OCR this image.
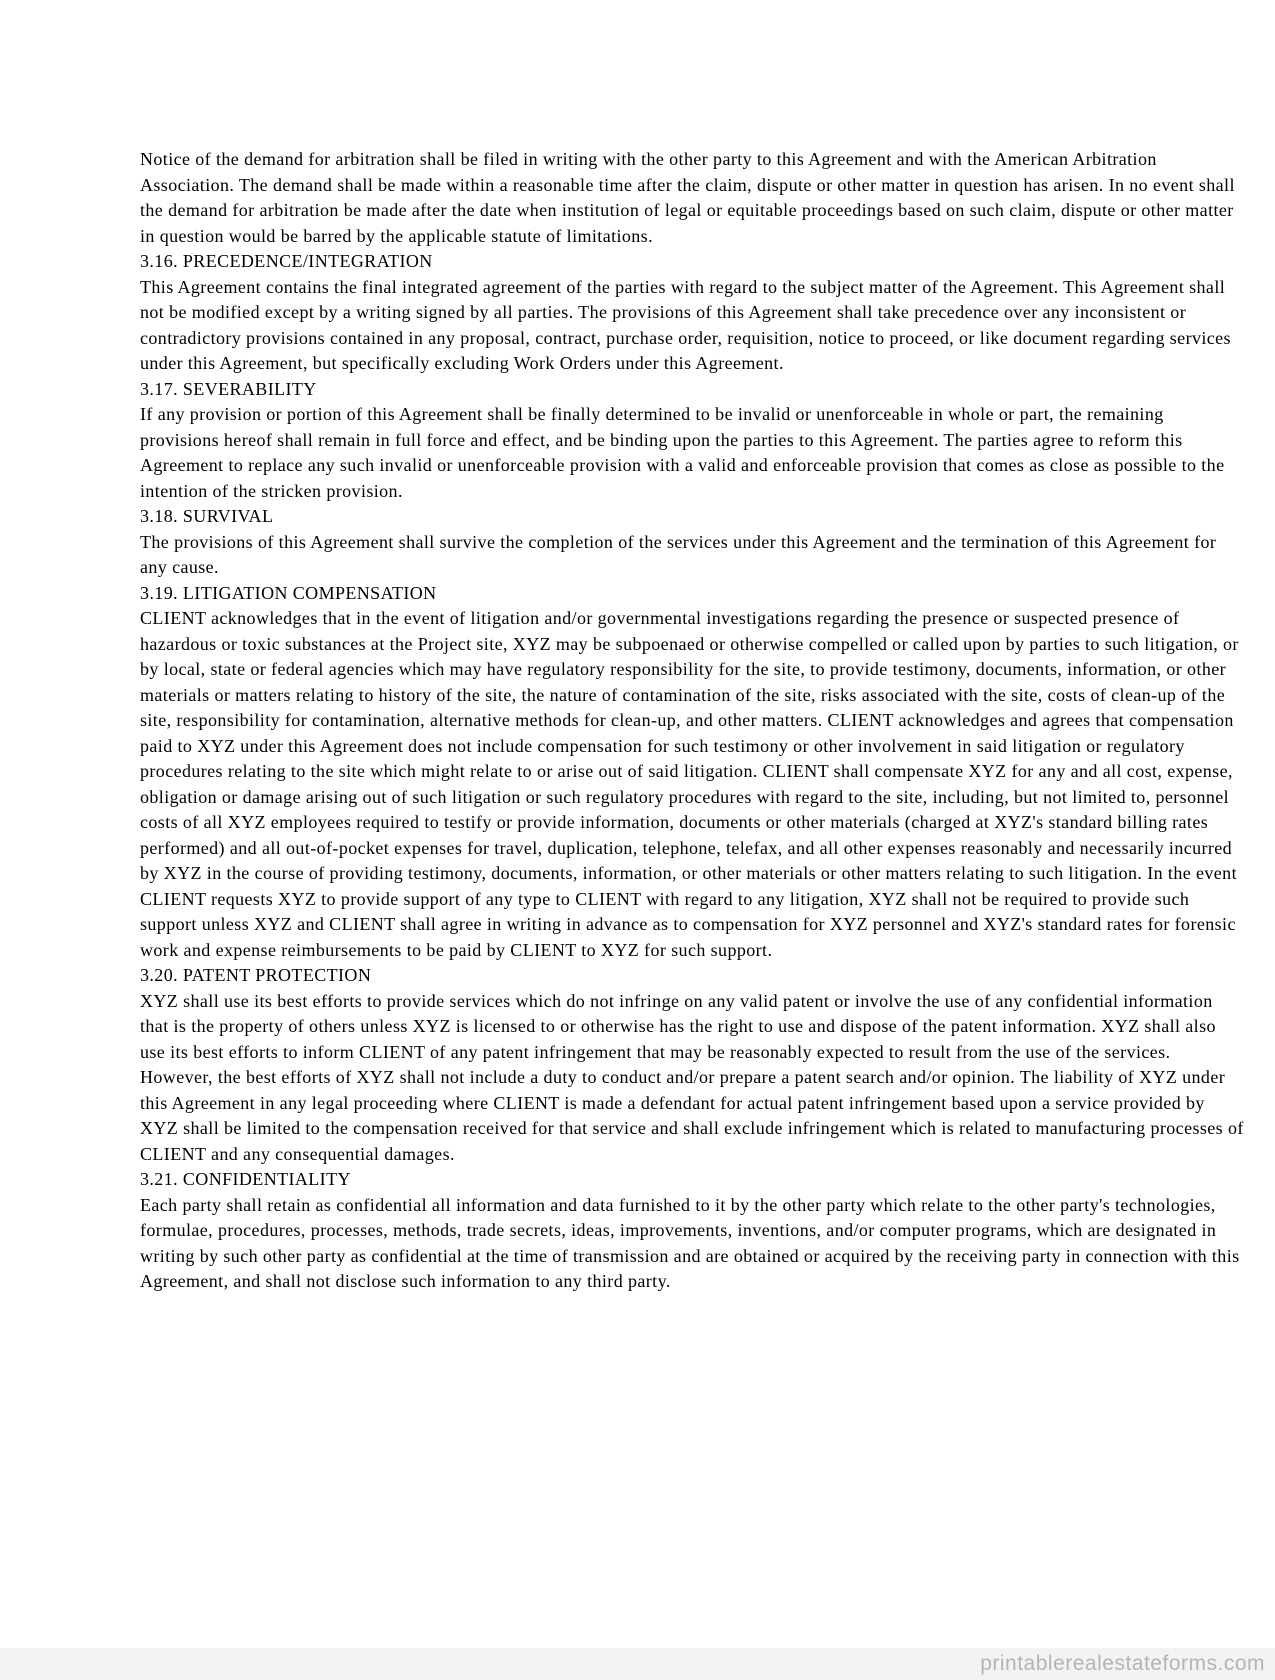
Notice of the demand for arbitration shall be filed in writing with the other party to this Agreement and with the American Arbitration Association. The demand shall be made within a reasonable time after the claim, dispute or other matter in question has arisen. In no event shall the demand for arbitration be made after the date when institution of legal or equitable proceedings based on such claim, dispute or other matter in question would be barred by the applicable statute of limitations.

3.16. PRECEDENCE/INTEGRATION

This Agreement contains the final integrated agreement of the parties with regard to the subject matter of the Agreement. This Agreement shall not be modified except by a writing signed by all parties. The provisions of this Agreement shall take precedence over any inconsistent or contradictory provisions contained in any proposal, contract, purchase order, requisition, notice to proceed, or like document regarding services under this Agreement, but specifically excluding Work Orders under this Agreement.

3.17. SEVERABILITY

If any provision or portion of this Agreement shall be finally determined to be invalid or unenforceable in whole or part, the remaining provisions hereof shall remain in full force and effect, and be binding upon the parties to this Agreement. The parties agree to reform this Agreement to replace any such invalid or unenforceable provision with a valid and enforceable provision that comes as close as possible to the intention of the stricken provision.

3.18. SURVIVAL

The provisions of this Agreement shall survive the completion of the services under this Agreement and the termination of this Agreement for any cause.

3.19. LITIGATION COMPENSATION

CLIENT acknowledges that in the event of litigation and/or governmental investigations regarding the presence or suspected presence of hazardous or toxic substances at the Project site, XYZ may be subpoenaed or otherwise compelled or called upon by parties to such litigation, or by local, state or federal agencies which may have regulatory responsibility for the site, to provide testimony, documents, information, or other materials or matters relating to history of the site, the nature of contamination of the site, risks associated with the site, costs of clean-up of the site, responsibility for contamination, alternative methods for clean-up, and other matters. CLIENT acknowledges and agrees that compensation paid to XYZ under this Agreement does not include compensation for such testimony or other involvement in said litigation or regulatory procedures relating to the site which might relate to or arise out of said litigation. CLIENT shall compensate XYZ for any and all cost, expense, obligation or damage arising out of such litigation or such regulatory procedures with regard to the site, including, but not limited to, personnel costs of all XYZ employees required to testify or provide information, documents or other materials (charged at XYZ's standard billing rates performed) and all out-of-pocket expenses for travel, duplication, telephone, telefax, and all other expenses reasonably and necessarily incurred by XYZ in the course of providing testimony, documents, information, or other materials or other matters relating to such litigation. In the event CLIENT requests XYZ to provide support of any type to CLIENT with regard to any litigation, XYZ shall not be required to provide such support unless XYZ and CLIENT shall agree in writing in advance as to compensation for XYZ personnel and XYZ's standard rates for forensic work and expense reimbursements to be paid by CLIENT to XYZ for such support.

3.20. PATENT PROTECTION

XYZ shall use its best efforts to provide services which do not infringe on any valid patent or involve the use of any confidential information that is the property of others unless XYZ is licensed to or otherwise has the right to use and dispose of the patent information. XYZ shall also use its best efforts to inform CLIENT of any patent infringement that may be reasonably expected to result from the use of the services. However, the best efforts of XYZ shall not include a duty to conduct and/or prepare a patent search and/or opinion. The liability of XYZ under this Agreement in any legal proceeding where CLIENT is made a defendant for actual patent infringement based upon a service provided by XYZ shall be limited to the compensation received for that service and shall exclude infringement which is related to manufacturing processes of CLIENT and any consequential damages.

3.21. CONFIDENTIALITY

Each party shall retain as confidential all information and data furnished to it by the other party which relate to the other party's technologies, formulae, procedures, processes, methods, trade secrets, ideas, improvements, inventions, and/or computer programs, which are designated in writing by such other party as confidential at the time of transmission and are obtained or acquired by the receiving party in connection with this Agreement, and shall not disclose such information to any third party.

printablerealestateforms.com
